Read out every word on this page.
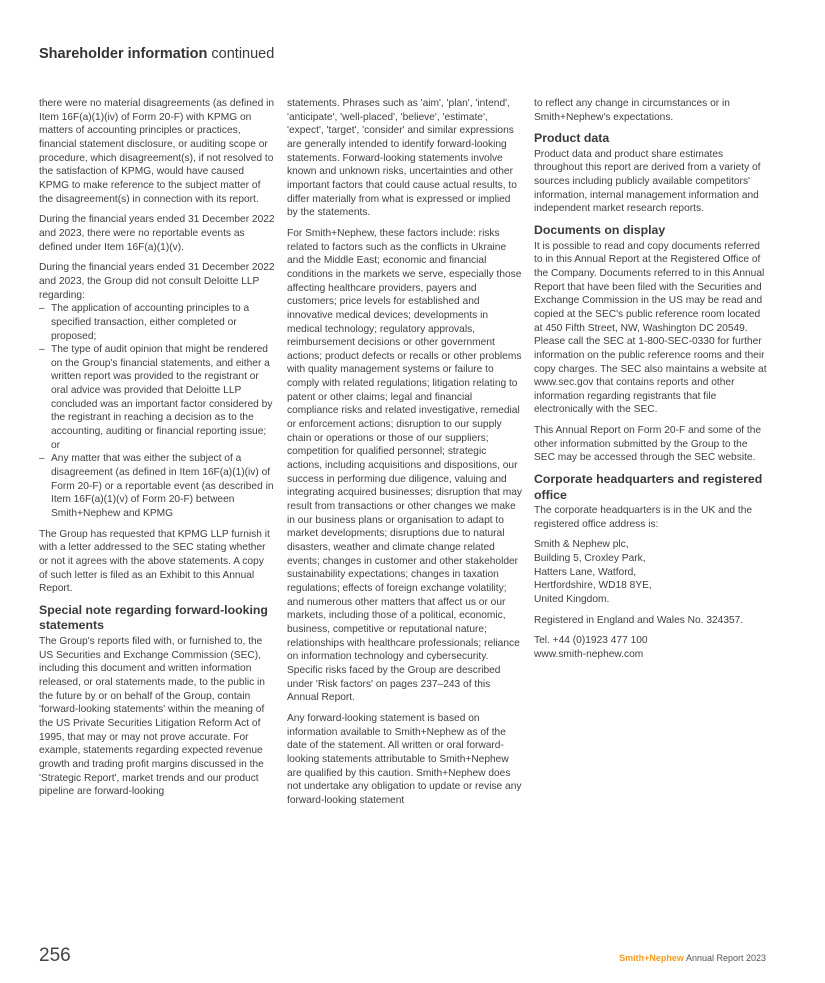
Shareholder information continued

there were no material disagreements (as defined in Item 16F(a)(1)(iv) of Form 20-F) with KPMG on matters of accounting principles or practices, financial statement disclosure, or auditing scope or procedure, which disagreement(s), if not resolved to the satisfaction of KPMG, would have caused KPMG to make reference to the subject matter of the disagreement(s) in connection with its report.

During the financial years ended 31 December 2022 and 2023, there were no reportable events as defined under Item 16F(a)(1)(v).

During the financial years ended 31 December 2022 and 2023, the Group did not consult Deloitte LLP regarding:

– The application of accounting principles to a specified transaction, either completed or proposed;
– The type of audit opinion that might be rendered on the Group's financial statements, and either a written report was provided to the registrant or oral advice was provided that Deloitte LLP concluded was an important factor considered by the registrant in reaching a decision as to the accounting, auditing or financial reporting issue; or
– Any matter that was either the subject of a disagreement (as defined in Item 16F(a)(1)(iv) of Form 20-F) or a reportable event (as described in Item 16F(a)(1)(v) of Form 20-F) between Smith+Nephew and KPMG

The Group has requested that KPMG LLP furnish it with a letter addressed to the SEC stating whether or not it agrees with the above statements. A copy of such letter is filed as an Exhibit to this Annual Report.

Special note regarding forward-looking statements

The Group's reports filed with, or furnished to, the US Securities and Exchange Commission (SEC), including this document and written information released, or oral statements made, to the public in the future by or on behalf of the Group, contain 'forward-looking statements' within the meaning of the US Private Securities Litigation Reform Act of 1995, that may or may not prove accurate. For example, statements regarding expected revenue growth and trading profit margins discussed in the 'Strategic Report', market trends and our product pipeline are forward-looking

statements. Phrases such as 'aim', 'plan', 'intend', 'anticipate', 'well-placed', 'believe', 'estimate', 'expect', 'target', 'consider' and similar expressions are generally intended to identify forward-looking statements. Forward-looking statements involve known and unknown risks, uncertainties and other important factors that could cause actual results, to differ materially from what is expressed or implied by the statements.

For Smith+Nephew, these factors include: risks related to factors such as the conflicts in Ukraine and the Middle East; economic and financial conditions in the markets we serve, especially those affecting healthcare providers, payers and customers; price levels for established and innovative medical devices; developments in medical technology; regulatory approvals, reimbursement decisions or other government actions; product defects or recalls or other problems with quality management systems or failure to comply with related regulations; litigation relating to patent or other claims; legal and financial compliance risks and related investigative, remedial or enforcement actions; disruption to our supply chain or operations or those of our suppliers; competition for qualified personnel; strategic actions, including acquisitions and dispositions, our success in performing due diligence, valuing and integrating acquired businesses; disruption that may result from transactions or other changes we make in our business plans or organisation to adapt to market developments; disruptions due to natural disasters, weather and climate change related events; changes in customer and other stakeholder sustainability expectations; changes in taxation regulations; effects of foreign exchange volatility; and numerous other matters that affect us or our markets, including those of a political, economic, business, competitive or reputational nature; relationships with healthcare professionals; reliance on information technology and cybersecurity. Specific risks faced by the Group are described under 'Risk factors' on pages 237–243 of this Annual Report.

Any forward-looking statement is based on information available to Smith+Nephew as of the date of the statement. All written or oral forward-looking statements attributable to Smith+Nephew are qualified by this caution. Smith+Nephew does not undertake any obligation to update or revise any forward-looking statement

to reflect any change in circumstances or in Smith+Nephew's expectations.

Product data

Product data and product share estimates throughout this report are derived from a variety of sources including publicly available competitors' information, internal management information and independent market research reports.

Documents on display

It is possible to read and copy documents referred to in this Annual Report at the Registered Office of the Company. Documents referred to in this Annual Report that have been filed with the Securities and Exchange Commission in the US may be read and copied at the SEC's public reference room located at 450 Fifth Street, NW, Washington DC 20549. Please call the SEC at 1-800-SEC-0330 for further information on the public reference rooms and their copy charges. The SEC also maintains a website at www.sec.gov that contains reports and other information regarding registrants that file electronically with the SEC.

This Annual Report on Form 20-F and some of the other information submitted by the Group to the SEC may be accessed through the SEC website.

Corporate headquarters and registered office

The corporate headquarters is in the UK and the registered office address is:

Smith & Nephew plc,
Building 5, Croxley Park,
Hatters Lane, Watford,
Hertfordshire, WD18 8YE,
United Kingdom.

Registered in England and Wales No. 324357.

Tel. +44 (0)1923 477 100
www.smith-nephew.com
256	Smith+Nephew Annual Report 2023
